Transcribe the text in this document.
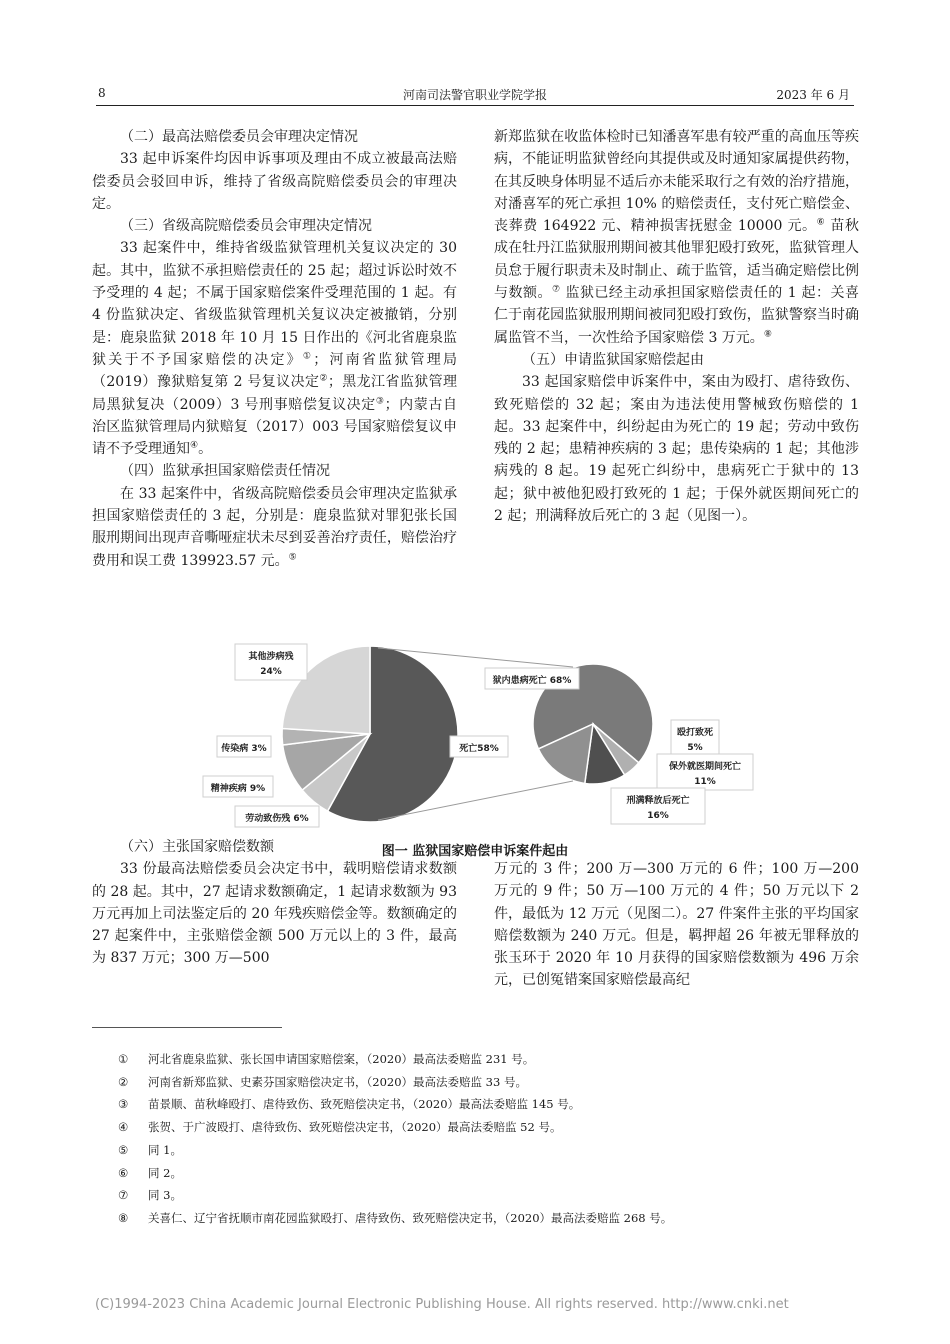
8	河南司法警官职业学院学报	2023 年 6 月

（二）最高法赔偿委员会审理决定情况

33 起申诉案件均因申诉事项及理由不成立被最高法赔偿委员会驳回申诉，维持了省级高院赔偿委员会的审理决定。

（三）省级高院赔偿委员会审理决定情况

33 起案件中，维持省级监狱管理机关复议决定的 30 起。其中，监狱不承担赔偿责任的 25 起；超过诉讼时效不予受理的 4 起；不属于国家赔偿案件受理范围的 1 起。有 4 份监狱决定、省级监狱管理机关复议决定被撤销，分别是：鹿泉监狱 2018 年 10 月 15 日作出的《河北省鹿泉监狱关于不予国家赔偿的决定》①；河南省监狱管理局（2019）豫狱赔复第 2 号复议决定②；黑龙江省监狱管理局黑狱复决（2009）3 号刑事赔偿复议决定③；内蒙古自治区监狱管理局内狱赔复（2017）003 号国家赔偿复议申请不予受理通知④。

（四）监狱承担国家赔偿责任情况

在 33 起案件中，省级高院赔偿委员会审理决定监狱承担国家赔偿责任的 3 起，分别是：鹿泉监狱对罪犯张长国服刑期间出现声音嘶哑症状未尽到妥善治疗责任，赔偿治疗费用和误工费 139923.57 元。⑤

新郑监狱在收监体检时已知潘喜军患有较严重的高血压等疾病，不能证明监狱曾经向其提供或及时通知家属提供药物，在其反映身体明显不适后亦未能采取行之有效的治疗措施，对潘喜军的死亡承担 10% 的赔偿责任，支付死亡赔偿金、丧葬费 164922 元、精神损害抚慰金 10000 元。⑥ 苗秋成在牡丹江监狱服刑期间被其他罪犯殴打致死，监狱管理人员怠于履行职责未及时制止、疏于监管，适当确定赔偿比例与数额。⑦ 监狱已经主动承担国家赔偿责任的 1 起：关喜仁于南花园监狱服刑期间被同犯殴打致伤，监狱警察当时确属监管不当，一次性给予国家赔偿 3 万元。⑧

（五）申请监狱国家赔偿起由

33 起国家赔偿申诉案件中，案由为殴打、虐待致伤、致死赔偿的 32 起；案由为违法使用警械致伤赔偿的 1 起。33 起案件中，纠纷起由为死亡的 19 起；劳动中致伤残的 2 起；患精神疾病的 3 起；患传染病的 1 起；其他涉病残的 8 起。19 起死亡纠纷中，患病死亡于狱中的 13 起；狱中被他犯殴打致死的 1 起；于保外就医期间死亡的 2 起；刑满释放后死亡的 3 起（见图一）。

死亡58%
其他涉病残
24%
传染病 3%
精神疾病 9%
劳动致伤残 6%
狱内患病死亡 68%
殴打致死
5%
保外就医期间死亡
11%
刑满释放后死亡
16%
图一 监狱国家赔偿申诉案件起由

（六）主张国家赔偿数额

33 份最高法赔偿委员会决定书中，载明赔偿请求数额的 28 起。其中，27 起请求数额确定，1 起请求数额为 93 万元再加上司法鉴定后的 20 年残疾赔偿金等。数额确定的 27 起案件中，主张赔偿金额 500 万元以上的 3 件，最高为 837 万元；300 万—500

万元的 3 件；200 万—300 万元的 6 件；100 万—200 万元的 9 件；50 万—100 万元的 4 件；50 万元以下 2 件，最低为 12 万元（见图二）。27 件案件主张的平均国家赔偿数额为 240 万元。但是，羁押超 26 年被无罪释放的张玉环于 2020 年 10 月获得的国家赔偿数额为 496 万余元，已创冤错案国家赔偿最高纪

① 河北省鹿泉监狱、张长国申请国家赔偿案，（2020）最高法委赔监 231 号。
② 河南省新郑监狱、史素芬国家赔偿决定书，（2020）最高法委赔监 33 号。
③ 苗景顺、苗秋峰殴打、虐待致伤、致死赔偿决定书，（2020）最高法委赔监 145 号。
④ 张贺、于广波殴打、虐待致伤、致死赔偿决定书，（2020）最高法委赔监 52 号。
⑤ 同 1。
⑥ 同 2。
⑦ 同 3。
⑧ 关喜仁、辽宁省抚顺市南花园监狱殴打、虐待致伤、致死赔偿决定书，（2020）最高法委赔监 268 号。
(C)1994-2023 China Academic Journal Electronic Publishing House. All rights reserved. http://www.cnki.net
